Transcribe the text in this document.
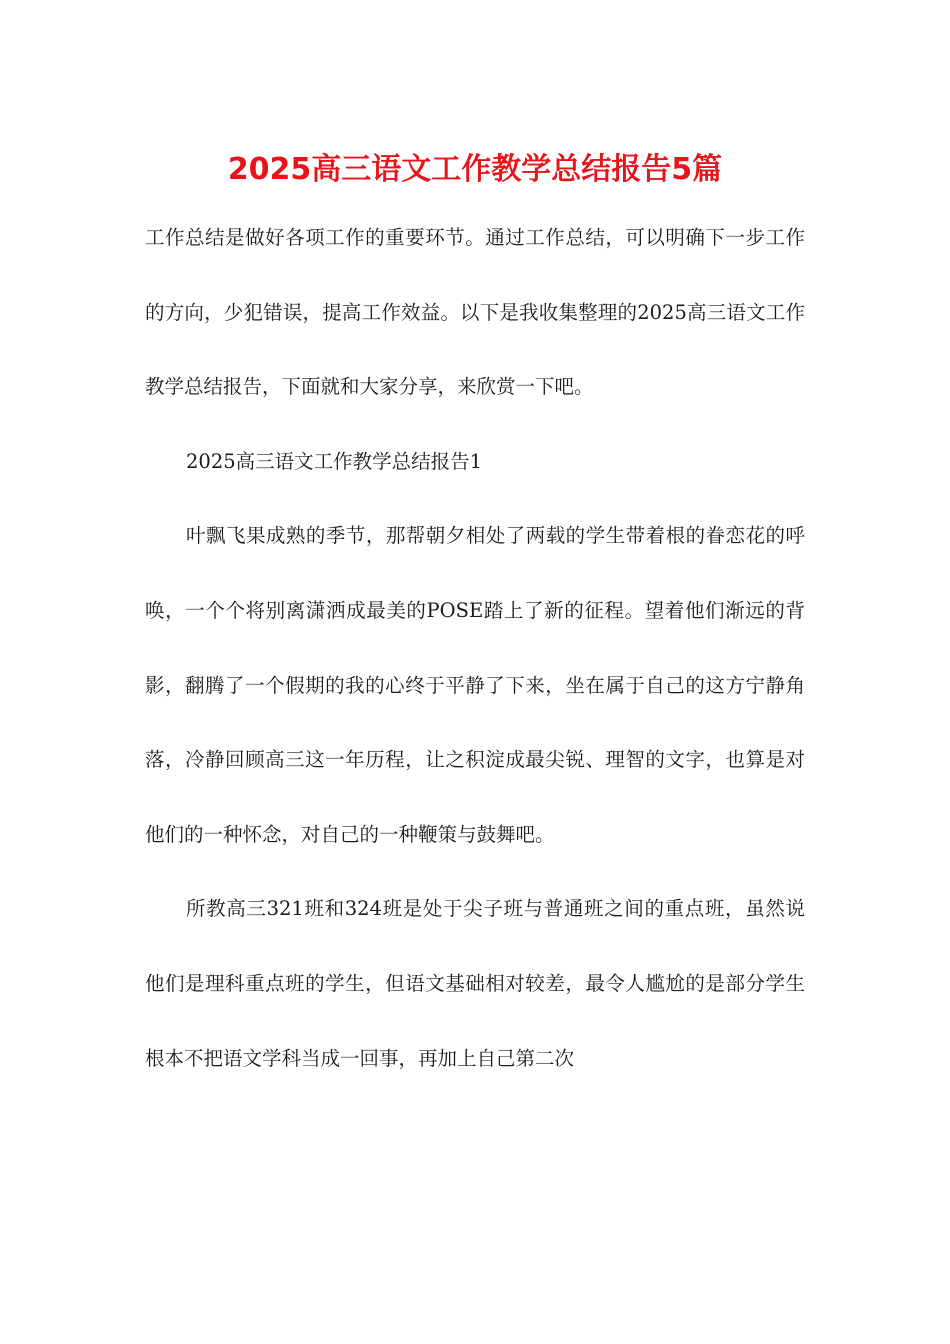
2025高三语文工作教学总结报告5篇

工作总结是做好各项工作的重要环节。通过工作总结，可以明确下一步工作的方向，少犯错误，提高工作效益。以下是我收集整理的2025高三语文工作教学总结报告，下面就和大家分享，来欣赏一下吧。

2025高三语文工作教学总结报告1

叶飘飞果成熟的季节，那帮朝夕相处了两载的学生带着根的眷恋花的呼唤，一个个将别离潇洒成最美的POSE踏上了新的征程。望着他们渐远的背影，翻腾了一个假期的我的心终于平静了下来，坐在属于自己的这方宁静角落，冷静回顾高三这一年历程，让之积淀成最尖锐、理智的文字，也算是对他们的一种怀念，对自己的一种鞭策与鼓舞吧。

所教高三321班和324班是处于尖子班与普通班之间的重点班，虽然说他们是理科重点班的学生，但语文基础相对较差，最令人尴尬的是部分学生根本不把语文学科当成一回事，再加上自己第二次
